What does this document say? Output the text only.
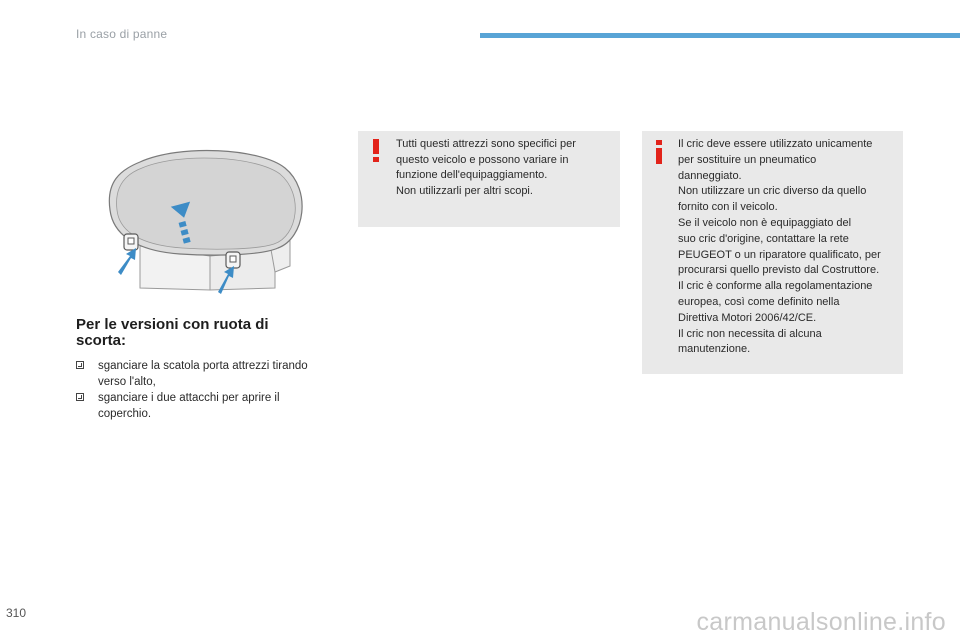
In caso di panne
Per le versioni con ruota di
scorta:
sganciare la scatola porta attrezzi tirando
verso l'alto,
sganciare i due attacchi per aprire il
coperchio.
Tutti questi attrezzi sono specifici per
questo veicolo e possono variare in
funzione dell'equipaggiamento.
Non utilizzarli per altri scopi.
Il cric deve essere utilizzato unicamente
per sostituire un pneumatico
danneggiato.
Non utilizzare un cric diverso da quello
fornito con il veicolo.
Se il veicolo non è equipaggiato del
suo cric d'origine, contattare la rete
PEUGEOT o un riparatore qualificato, per
procurarsi quello previsto dal Costruttore.
Il cric è conforme alla regolamentazione
europea, così come definito nella
Direttiva Motori 2006/42/CE.
Il cric non necessita di alcuna
manutenzione.
310	carmanualsonline.info
